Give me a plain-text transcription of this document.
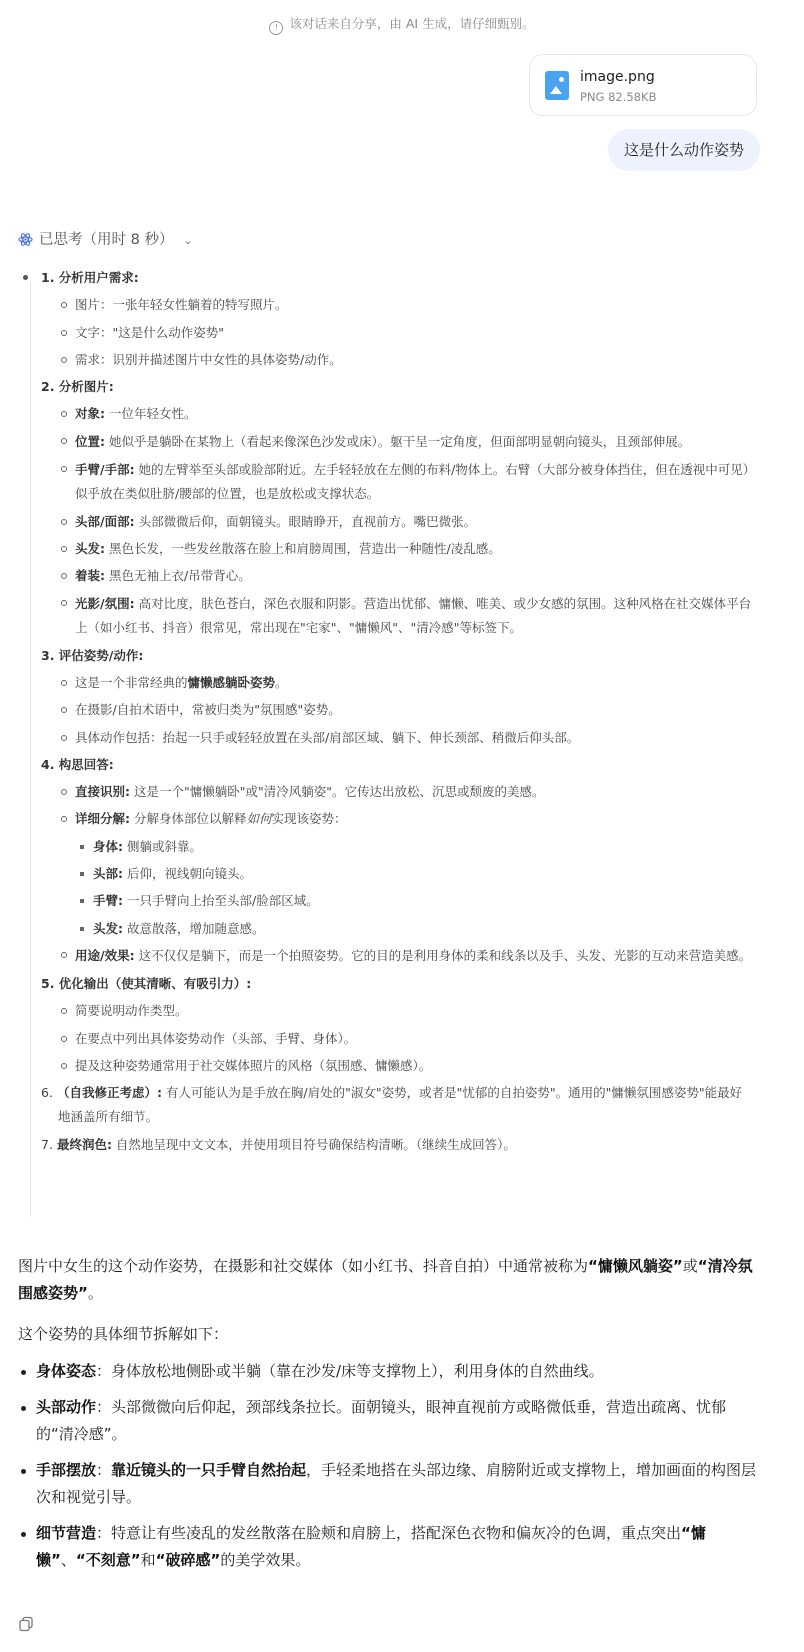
! 该对话来自分享，由 AI 生成，请仔细甄别。
image.png
PNG 82.58KB
这是什么动作姿势
已思考（用时 8 秒） ⌄
1. 分析用户需求:
图片：一张年轻女性躺着的特写照片。
文字："这是什么动作姿势"
需求：识别并描述图片中女性的具体姿势/动作。
2. 分析图片:
对象: 一位年轻女性。
位置: 她似乎是躺卧在某物上（看起来像深色沙发或床）。躯干呈一定角度，但面部明显朝向镜头，且颈部伸展。
手臂/手部: 她的左臂举至头部或脸部附近。左手轻轻放在左侧的布料/物体上。右臂（大部分被身体挡住，但在透视中可见）似乎放在类似肚脐/腰部的位置，也是放松或支撑状态。
头部/面部: 头部微微后仰，面朝镜头。眼睛睁开，直视前方。嘴巴微张。
头发: 黑色长发，一些发丝散落在脸上和肩膀周围，营造出一种随性/凌乱感。
着装: 黑色无袖上衣/吊带背心。
光影/氛围: 高对比度，肤色苍白，深色衣服和阴影。营造出忧郁、慵懒、唯美、或少女感的氛围。这种风格在社交媒体平台上（如小红书、抖音）很常见，常出现在"宅家"、"慵懒风"、"清冷感"等标签下。
3. 评估姿势/动作:
这是一个非常经典的慵懒感躺卧姿势。
在摄影/自拍术语中，常被归类为"氛围感"姿势。
具体动作包括：抬起一只手或轻轻放置在头部/肩部区域、躺下、伸长颈部、稍微后仰头部。
4. 构思回答:
直接识别: 这是一个"慵懒躺卧"或"清冷风躺姿"。它传达出放松、沉思或颓废的美感。
详细分解: 分解身体部位以解释如何实现该姿势：
身体: 侧躺或斜靠。
头部: 后仰，视线朝向镜头。
手臂: 一只手臂向上抬至头部/脸部区域。
头发: 故意散落，增加随意感。
用途/效果: 这不仅仅是躺下，而是一个拍照姿势。它的目的是利用身体的柔和线条以及手、头发、光影的互动来营造美感。
5. 优化输出（使其清晰、有吸引力）:
简要说明动作类型。
在要点中列出具体姿势动作（头部、手臂、身体）。
提及这种姿势通常用于社交媒体照片的风格（氛围感、慵懒感）。
6. （自我修正考虑）: 有人可能认为是手放在胸/肩处的"淑女"姿势，或者是"忧郁的自拍姿势"。通用的"慵懒氛围感姿势"能最好地涵盖所有细节。
7. 最终润色: 自然地呈现中文文本，并使用项目符号确保结构清晰。（继续生成回答）。
图片中女生的这个动作姿势，在摄影和社交媒体（如小红书、抖音自拍）中通常被称为“慵懒风躺姿”或“清冷氛围感姿势”。
这个姿势的具体细节拆解如下：
身体姿态：身体放松地侧卧或半躺（靠在沙发/床等支撑物上），利用身体的自然曲线。
头部动作：头部微微向后仰起，颈部线条拉长。面朝镜头，眼神直视前方或略微低垂，营造出疏离、忧郁的“清冷感”。
手部摆放：靠近镜头的一只手臂自然抬起，手轻柔地搭在头部边缘、肩膀附近或支撑物上，增加画面的构图层次和视觉引导。
细节营造：特意让有些凌乱的发丝散落在脸颊和肩膀上，搭配深色衣物和偏灰冷的色调，重点突出“慵懒”、“不刻意”和“破碎感”的美学效果。
